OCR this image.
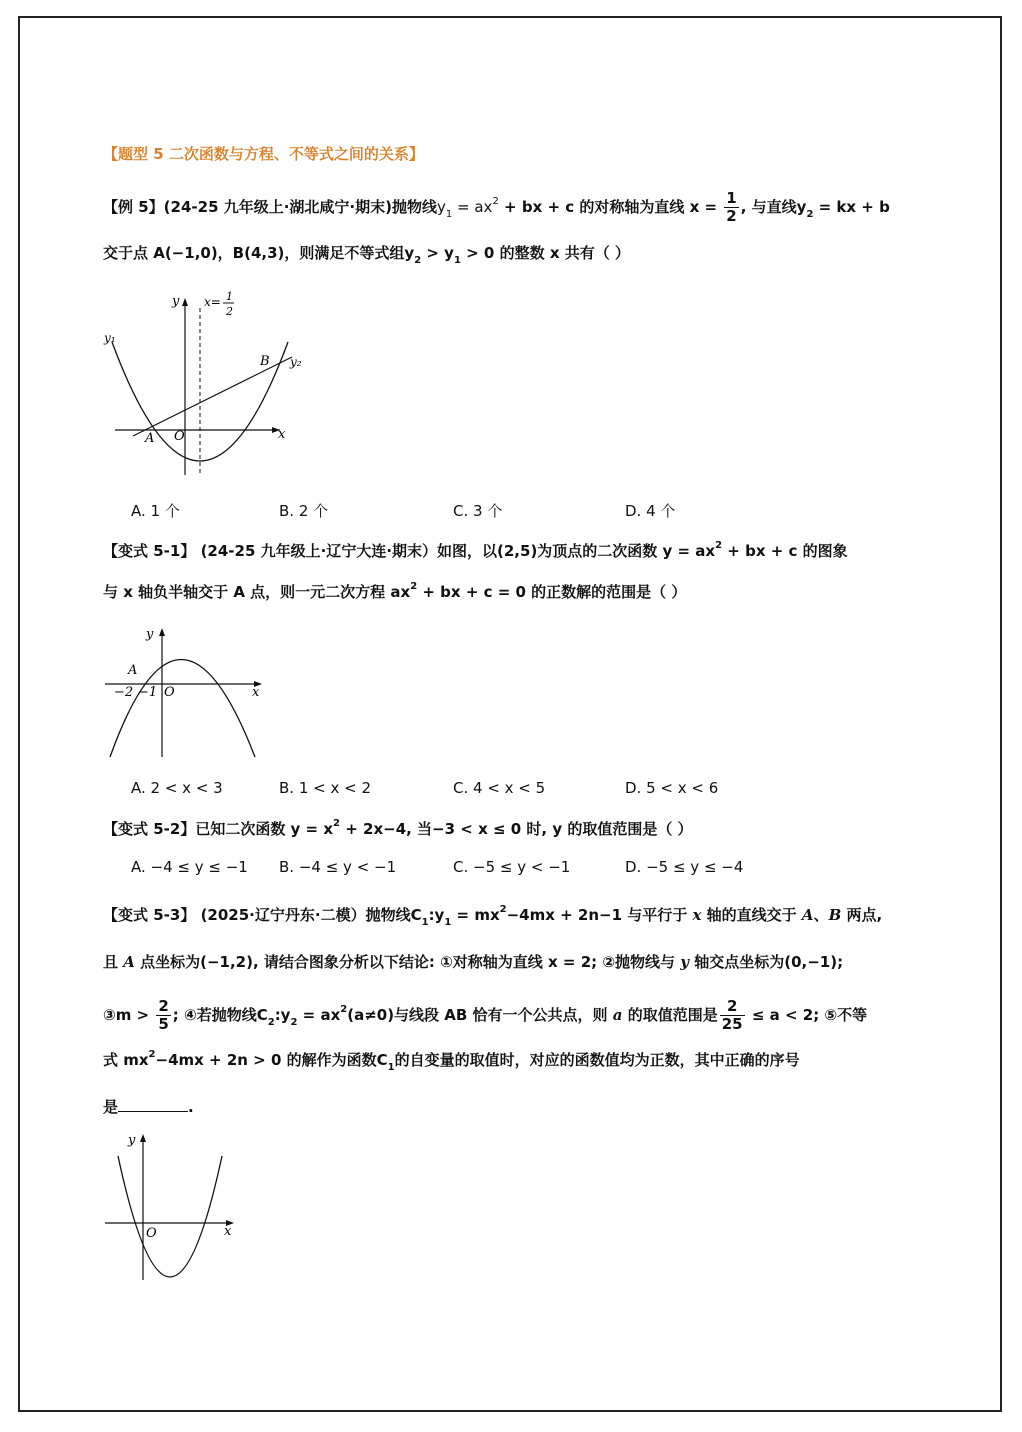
【题型 5 二次函数与方程、不等式之间的关系】
【例 5】(24-25 九年级上·湖北咸宁·期末)抛物线$y_1 = ax^2$ + bx + c 的对称轴为直线 $x = \frac{1}{2}$ , 与直线$y_2$ = kx + b
交于点 A(−1,0)，B(4,3)，则满足不等式组$y_2 > y_1 > 0$ 的整数 x 共有（ ）
y
x
O
A
B
y₁
y₂
x= 1
2
A. 1 个	B. 2 个	C. 3 个	D. 4 个
【变式 5-1】 (24-25 九年级上·辽宁大连·期末）如图，以(2,5)为顶点的二次函数 $y = ax^2$ + bx + c 的图象
与 x 轴负半轴交于 A 点，则一元二次方程 $ax^2$ + bx + c = 0 的正数解的范围是（ ）
y
x
O
A
−2 −1
A. 2 < x < 3	B. 1 < x < 2	C. 4 < x < 5	D. 5 < x < 6
【变式 5-2】已知二次函数 $y = x^2 + 2x-4$, 当−3 < x ≤ 0 时, y 的取值范围是（ ）
A. −4 ≤ y ≤ −1 B. −4 ≤ y < −1	C. −5 ≤ y < −1	D. −5 ≤ y ≤ −4
【变式 5-3】 (2025·辽宁丹东·二模）抛物线$C_1:y_1 = mx^2-4mx + 2n-1$ 与平行于 x 轴的直线交于 A、B 两点,
且 A 点坐标为(−1,2), 请结合图象分析以下结论: ①对称轴为直线 x = 2; ②抛物线与 y 轴交点坐标为(0,−1);
③m > $\frac{2}{5}$ ; ④若抛物线$C_2:y_2 = ax^2(a\ne 0)$与线段 AB 恰有一个公共点，则 a 的取值范围是 $\frac{2}{25} \le a < 2$; ⑤不等
式 $mx^2-4mx + 2n > 0$ 的解作为函数$C_1$的自变量的取值时，对应的函数值均为正数，其中正确的序号
是	.
y
x
O
